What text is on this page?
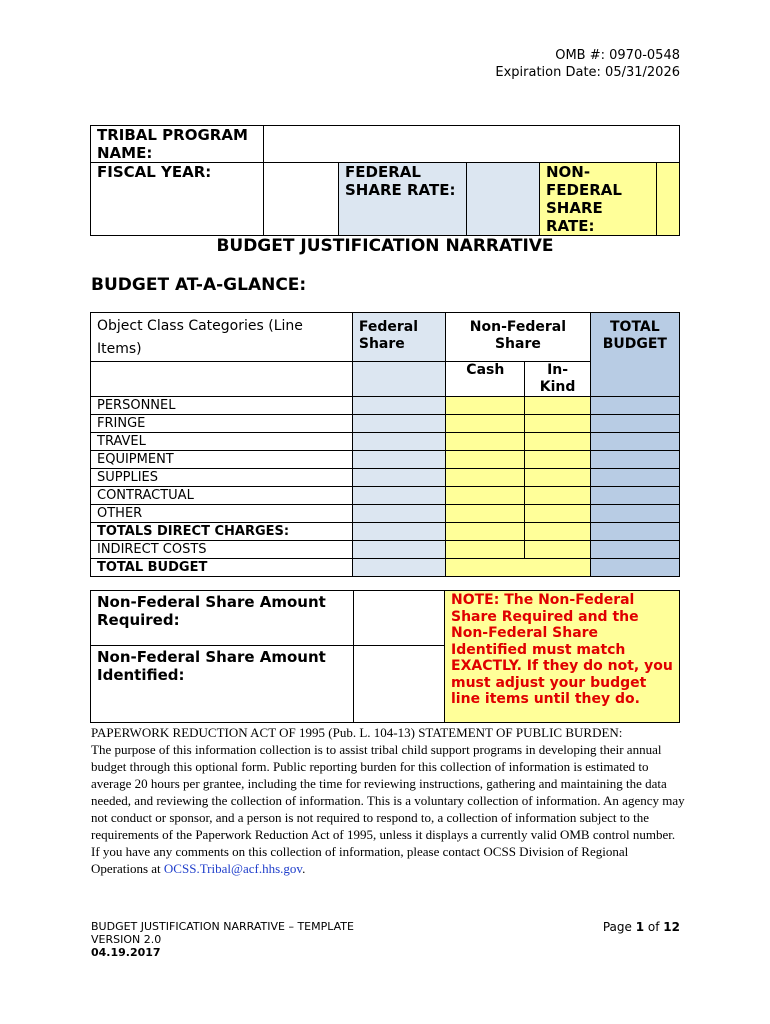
OMB #: 0970-0548
Expiration Date: 05/31/2026
TRIBAL PROGRAM NAME:					
FISCAL YEAR:		FEDERAL SHARE RATE:		NON-FEDERAL SHARE RATE:	
BUDGET JUSTIFICATION NARRATIVE
BUDGET AT-A-GLANCE:
Object Class Categories (Line Items)	Federal Share	Non-Federal Share		TOTAL BUDGET
		Cash	In-Kind	
PERSONNEL				
FRINGE				
TRAVEL				
EQUIPMENT				
SUPPLIES				
CONTRACTUAL				
OTHER				
TOTALS DIRECT CHARGES:				
INDIRECT COSTS				
TOTAL BUDGET				
Non-Federal Share Amount Required:		NOTE: The Non-Federal Share Required and the Non-Federal Share Identified must match EXACTLY. If they do not, you must adjust your budget line items until they do.
Non-Federal Share Amount Identified:		
PAPERWORK REDUCTION ACT OF 1995 (Pub. L. 104-13) STATEMENT OF PUBLIC BURDEN:
The purpose of this information collection is to assist tribal child support programs in developing their annual budget through this optional form. Public reporting burden for this collection of information is estimated to average 20 hours per grantee, including the time for reviewing instructions, gathering and maintaining the data needed, and reviewing the collection of information. This is a voluntary collection of information. An agency may not conduct or sponsor, and a person is not required to respond to, a collection of information subject to the requirements of the Paperwork Reduction Act of 1995, unless it displays a currently valid OMB control number. If you have any comments on this collection of information, please contact OCSS Division of Regional Operations at OCSS.Tribal@acf.hhs.gov.
BUDGET JUSTIFICATION NARRATIVE – TEMPLATE
VERSION 2.0
04.19.2017
Page 1 of 12
